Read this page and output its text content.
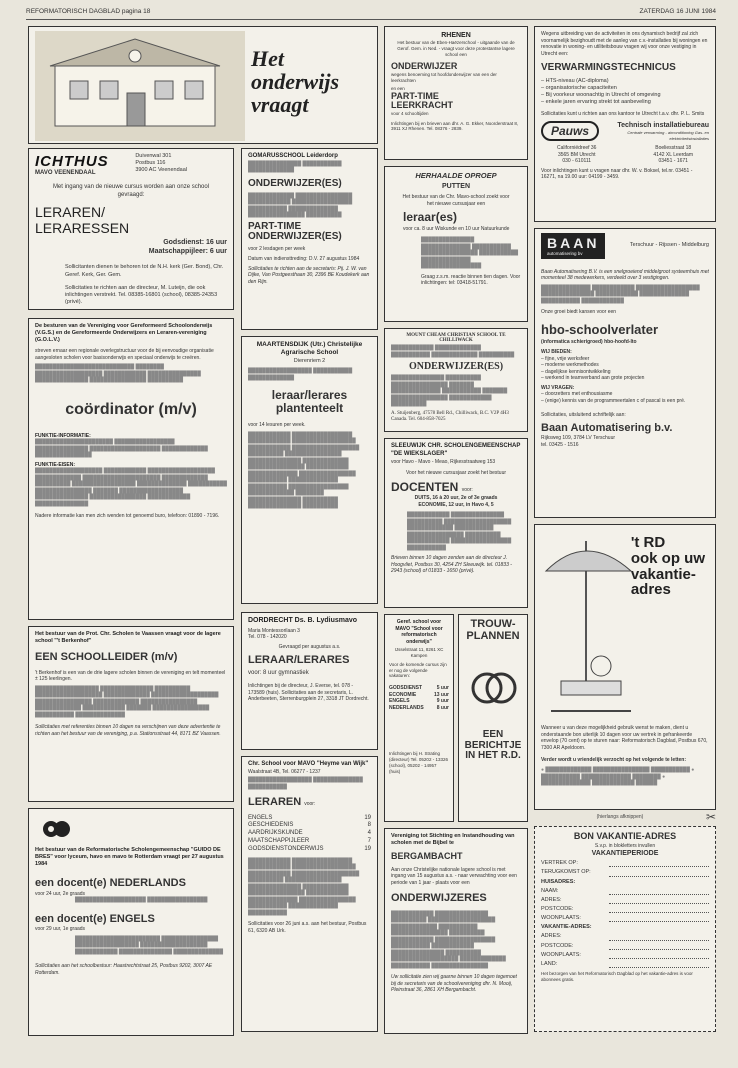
REFORMATORISCH DAGBLAD pagina 18	ZATERDAG 16 JUNI 1984
Het
onderwijs
vraagt
ICHTHUS
MAVO VEENENDAAL
Duivenwal 301
Postbus 116
3900 AC Veenendaal
Met ingang van de nieuwe cursus worden aan onze school gevraagd:
LERAREN/ LERARESSEN
Godsdienst: 16 uur
Maatschappijleer: 6 uur
Sollicitanten dienen te behoren tot de N.H. kerk (Ger. Bond), Chr. Geref. Kerk, Ger. Gem.
Sollicitaties te richten aan de directeur, M. Luteijn, die ook inlichtingen verstrekt. Tel. 08385-16801 (school), 08385-24353 (privé).
De besturen van de Vereniging voor Gereformeerd Schoolonderwijs (V.G.S.) en de Gereformeerde Onderwijzers en Leraren-vereniging (G.O.L.V.)
streven ernaar een regionale overlegstructuur voor de bij eenvoudige organisatie aangesloten scholen voor basisonderwijs en speciaal onderwijs te creëren.
████████████████████████████ ████████ ███████████████████ ████████████ ███████████████ ███████████████ ████████████████ ██████████
coördinator (m/v)
FUNKTIE-INFORMATIE:
██████████████████████ █████████████████ ███████████████ ████████████████████ █████████████ ████████████████
FUNKTIE-EISEN:
███████████████████ ████████████ ███████████████████ █████████████ ██████████████████████ █████████████ ██████████ ██████████████████ ██████████████ ███████████ ████████████████ ███████ ██████████████████ ███████████████ ████████████████ ████████████ ███████████████
Nadere informatie kan men zich wenden tot genoemd buro, telefoon: 01890 - 7196.
Het bestuur van de Prot. Chr. Scholen te Vaassen vraagt voor de lagere school "'t Berkenhof"
EEN SCHOOLLEIDER (m/v)
't Berkenhof is een van de drie lagere scholen binnen de vereniging en telt momenteel ± 125 leerlingen.
██████████████████ ███████████████ ██████████ ███████████████████ █████████████ ███████████████████ ████████████████ █████████████ ████████████████ █████████████ ████████████ ███████ ████████████████ ███████████ ██████████████
Sollicitaties met referenties binnen 10 dagen na verschijnen van deze advertentie te richten aan het bestuur van de vereniging, p.a. Stationsstraat 44, 8171 BZ Vaassen.
Het bestuur van de Reformatorische Scholengemeenschap "GUIDO DE BRES" voor lyceum, havo en mavo te Rotterdam vraagt per 27 augustus 1984
een docent(e) NEDERLANDS
voor 24 uur, 2e graads
████████████████████ █████████████████
een docent(e) ENGELS
voor 29 uur, 1e graads
████████████████████████ ████████████████ ██████████████████ ███████████████████ ████████████ ███████████████ ██████████████
Sollicitaties aan het schoolbestuur: Haastrechtstraat 25, Postbus 9202, 3007 AE Rotterdam.
GOMARUSSCHOOL Leiderdorp
███████████████ ███████████ █████████████
ONDERWIJZER(ES)
█████████████ ████████████████ ████████████ █████████████████ ███████████ ██████████████ ████████████████ ██████████
PART-TIME ONDERWIJZER(ES)
voor 2 lesdagen per week
Datum van indiensttreding: D.V. 27 augustus 1984
Sollicitaties te richten aan de secretaris: Pij. J. W. van Dijke, Van Postgeesthaan 30, 2396 BE Koudekerk aan den Rijn.
MAARTENSDIJK (Utr.) Christelijke Agrarische School
Dierenriem 2
██████████████████ ███████████ █████████████
leraar/lerares plantenteelt
voor 14 lesuren per week.
████████████ █████████████████ ████████████ ██████████████████ ████████████ ███████████████████ ██████████ ████████████████ ███████████████ █████████████ ████████████████ ████████████ ██████████████ ████████████████ ███████████ ██████████████ ███████████ █████████████████ █████████████ ████████ ███████████████ ██████████ ███████████████ ██████████
DORDRECHT Ds. B. Lydiusmavo
Maria Montessorilaan 3
Tel. 078 - 142020
Gevraagd per augustus a.s.
LERAAR/LERARES
voor: 8 uur gymnastiek
Inlichtingen bij de directeur, J. Everse, tel. 078 - 173589 (huis). Sollicitaties aan de secretaris, L. Anderbeeten, Sterrenburgplein 27, 3318 JT Dordrecht.
Chr. School voor MAVO "Heyme van Wijk"
Waalstraat 4B, Tel. 06277 - 1237
██████████████████ ██████████████ ███████████
LERAREN voor:
ENGELS	19
GESCHIEDENIS	8
AARDRIJKSKUNDE	4
MAATSCHAPPIJLEER	7
GODSDIENSTONDERWIJS	19
████████████ █████████████████ ████████████ ██████████████████ ████████████ ███████████████████ ██████████ ████████████████ ███████████████ █████████████ ████████████████ ████████████ ██████████████ ████████████████ ███████████ ██████████████ ███████████
Sollicitaties voor 26 juni a.s. aan het bestuur, Postbus 61, 6320 AB Urk.
RHENEN
Het bestuur van de Eben-Haëzerschool - uitgaande van de Gerof. Gem. in Ned. - vraagt voor deze protestantse lagere school een
ONDERWIJZER
wegens benoeming tot hoofdonderwijzer van een der leerkrachten
en een
PART-TIME LEERKRACHT
voor 4 schooltijden
Inlichtingen bij en brieven aan dhr. A. G. Ekker, Noorderstraat 8, 3911 XJ Rhenen. Tel. 08376 - 2839.
HERHAALDE OPROEP
PUTTEN
Het bestuur van de Chr. Mavo-school zoekt voor het nieuwe cursusjaar een
leraar(es)
voor ca. 8 uur Wiskunde en 10 uur Natuurkunde
███████████████ ██████████████ ███████████ ████████████████ ███████████ ██████████████ █████████████████
Graag z.s.m. reactie binnen tien dagen. Voor inlichtingen: tel: 03418-51791.
MOUNT CHEAM CHRISTIAN SCHOOL TE CHILLIWACK
████████████ █████████████ ███████████ █████████████ ██████████
ONDERWIJZER(ES)
███████████████ ██████████ ████████████████ ███████ ██████████████ ███████████ ███████ ████████████████ ████████████ ██████████
A. Stuijenberg, 47578 Bell Rd., Chilliwack, B.C. V2P 4H3 Canada. Tel. 604-858-7025
SLEEUWIJK CHR. SCHOLENGEMEENSCHAP "DE WIEKSLAGER"
voor Havo - Mavo - Meao, Rijkesstraatweg 153
Voor het nieuwe cursusjaar zoekt het bestuur
DOCENTEN voor:
DUITS, 16 à 20 uur, 2e of 3e graads
ECONOMIE, 12 uur, in Havo 4, 5
████████████ ███████████████ ██████████ ███████████████████ █████████████ ███████████ ████████████████ ██████████ ████████████ █████████████████ ███████████
Brieven binnen 10 dagen zenden aan de directeur J. Hoogvliet, Postbus 30, 4254 ZH Sleeuwijk. tel. 01833 - 2943 (school) of 01833 - 1650 (privé).
Geref. school voor MAVO "School voor reformatorisch onderwijs"
IJsselstraat 11, 8261 XC Kampen
Voor de komende cursus zijn er nog de volgende vakaturen:
GODSDIENST	5 uur
ECONOMIE	13 uur
ENGELS	9 uur
NEDERLANDS	8 uur
Inlichtingen bij H. Strating (directeur) Tel. 05202 - 13326 (school), 05202 - 14957 (huis)
TROUW-PLANNEN
EEN BERICHTJE IN HET R.D.
Vereniging tot Stichting en Instandhouding van scholen met de Bijbel te
BERGAMBACHT
Aan onze Christelijke nationale lagere school is met ingang van 15 augustus a.s. - naar verwachting voor een periode van 1 jaar - plaats voor een
ONDERWIJZERES
████████████ ███████████████ ██████████ ███████████████████ █████████████ ███████████ ████████████████ ██████████ ████████████ █████████████████ ███████████ ████████████ ███████████████ ██████████ ███████████████████ █████████████ ███████████ ████████████████
Uw sollicitatie zien wij gaarne binnen 10 dagen tegemoet bij de secretaris van de schoolvereniging dhr. N. Mooij, Pleinstraat 36, 2861 XH Bergambacht.
Wegens uitbreiding van de activiteiten in ons dynamisch bedrijf zal zich voornamelijk bezighoudt met de aanleg van c.v.-installaties bij woningen en renovatie in woning- en utiliteitsbouw vragen wij voor onze vestiging in Utrecht een:
VERWARMINGSTECHNICUS
– HTS-niveau (AC-diploma)
– organisatorische capaciteiten
– Bij voorkeur woonachtig in Utrecht of omgeving
– enkele jaren ervaring strekt tot aanbeveling
Sollicitaties kunt u richten aan ons kantoor te Utrecht t.a.v. dhr. P. L. Smits
Pauws	Technisch installatiebureau
Centrale verwarming - airconditioning Gas- en elektriciteitsinstallaties
Californiëdreef 36
3565 BM Utrecht
030 - 610111
Boeliesstraat 18
4142 XL Leerdam
03451 - 1671
Voor inlichtingen kunt u vragen naar dhr. W. v. Boksel, tel.nr. 03451 - 16271, na 19.00 uur: 04199 - 3459.
BAAN
automatisering bv
Terschuur - Rijssen - Middelburg
Baan Automatisering B.V. is een snelgroeiend middelgroot systeemhuis met momenteel 38 medewerkers, verdeeld over 3 vestigingen.
██████████████ ████████████ ██████████████████ ███████████████ ████████████ ██████████████ ███████████ ████████████
Onze groei biedt kansen voor een
hbo-schoolverlater
(informatica schierigroed) hbo-hoofd-Ito
WIJ BIEDEN:
– fijne, vrije werksfeer
– moderne werkmethodes
– dagelijkse kennisontwikkeling
– werkend in teamverband aan grote projecten
WIJ VRAGEN:
– doorzetters met enthousiasme
– (enige) kennis van de programmeertalen c of pascal is een pré.
Sollicitaties, uitsluitend schriftelijk aan:
Baan Automatisering b.v.
Rijksweg 109, 3784 LV Terschuur
tel. 03425 - 1516
't RD
ook op uw
vakantie-
adres
Wanneer u van deze mogelijkheid gebruik wenst te maken, dient u onderstaande bon uiterlijk 10 dagen voor uw vertrek in gefrankeerde envelop (70 cent) op te sturen naar: Reformatorisch Dagblad, Postbus 670, 7300 AR Apeldoorn.
Verder wordt u vriendelijk verzocht op het volgende te letten:
● █████████████ ████████████████ ███████████ ● ███████████ ██████████████ ████████ ● ██████████████ ████████████ ██████
(hierlangs afknippen)	✂
BON VAKANTIE-ADRES
S.v.p. in blokletters invullen
VAKANTIEPERIODE
VERTREK OP:
TERUGKOMST OP:
HUISADRES:
NAAM:
ADRES:
POSTCODE:
WOONPLAATS:
VAKANTIE-ADRES:
ADRES:
POSTCODE:
WOONPLAATS:
LAND:
Het bezorgen van het Reformatorisch Dagblad op het vakantie-adres is voor abonnees gratis.
